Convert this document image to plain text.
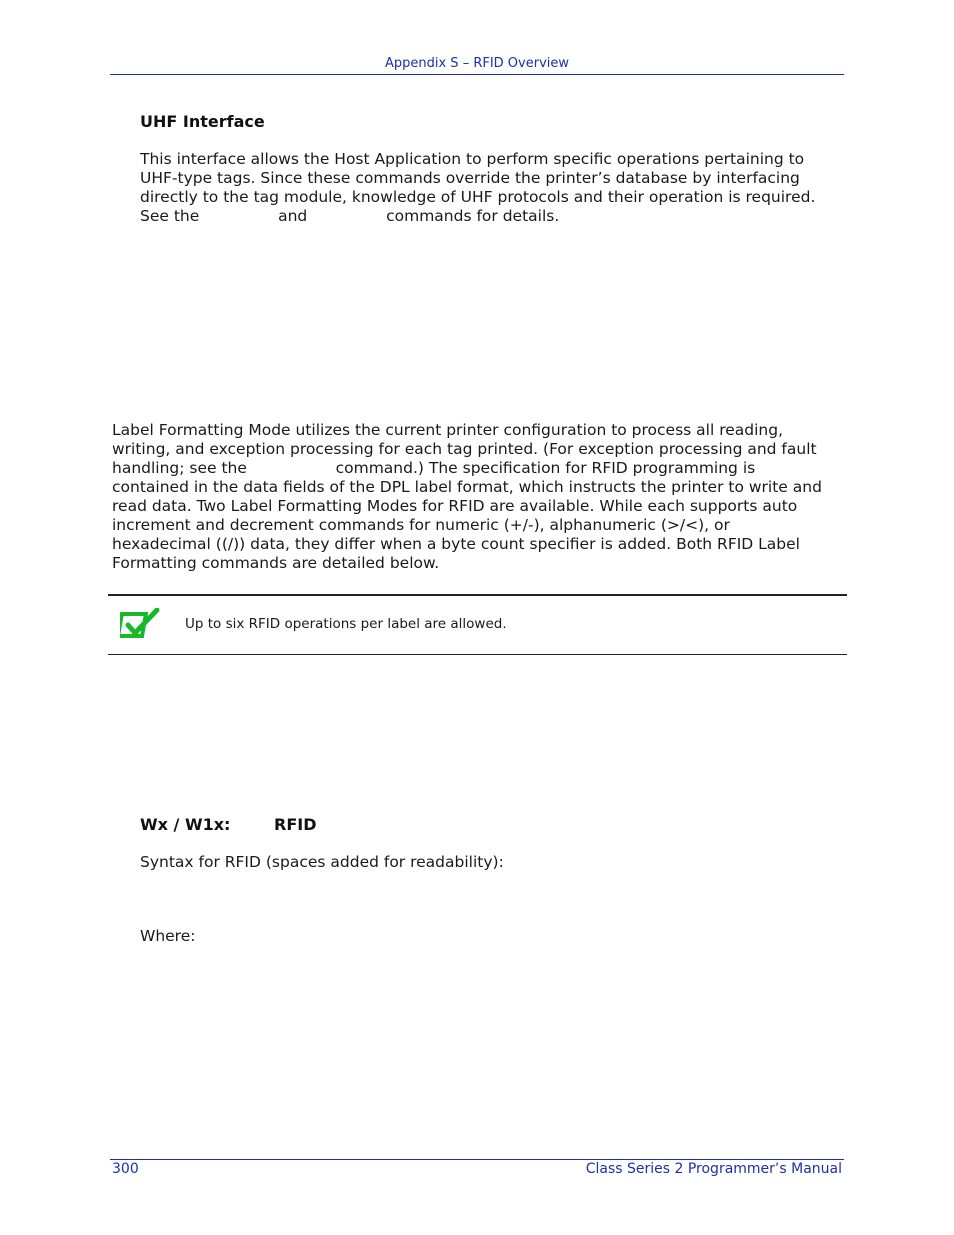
Appendix S – RFID Overview
UHF Interface
This interface allows the Host Application to perform specific operations pertaining to
UHF-type tags. Since these commands override the printer’s database by interfacing
directly to the tag module, knowledge of UHF protocols and their operation is required.
See the                and                commands for details.
Label Formatting Mode utilizes the current printer configuration to process all reading,
writing, and exception processing for each tag printed. (For exception processing and fault
handling; see the                  command.) The specification for RFID programming is
contained in the data fields of the DPL label format, which instructs the printer to write and
read data. Two Label Formatting Modes for RFID are available. While each supports auto
increment and decrement commands for numeric (+/-), alphanumeric (>/<), or
hexadecimal ((/)) data, they differ when a byte count specifier is added. Both RFID Label
Formatting commands are detailed below.
Up to six RFID operations per label are allowed.
Wx / W1x:	RFID
Syntax for RFID (spaces added for readability):
Where:
300	Class Series 2 Programmer’s Manual
